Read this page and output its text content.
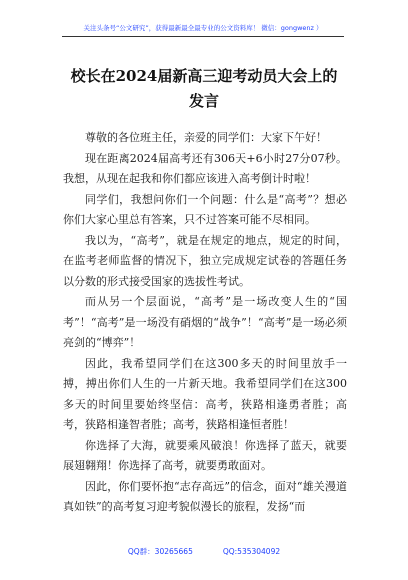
关注头条号“公文研究”，获得最新最全最专业的公文资料库！ 微信：gongwenz ）
校长在2024届新高三迎考动员大会上的
发言

尊敬的各位班主任，亲爱的同学们：大家下午好！

现在距离2024届高考还有306天+6小时27分07秒。我想，从现在起我和你们都应该进入高考倒计时啦！

同学们，我想问你们一个问题：什么是“高考”？想必你们大家心里总有答案，只不过答案可能不尽相同。

我以为，“高考”，就是在规定的地点，规定的时间，在监考老师监督的情况下，独立完成规定试卷的答题任务以分数的形式接受国家的选拔性考试。

而从另一个层面说，“高考”是一场改变人生的“国考”！“高考”是一场没有硝烟的“战争”！“高考”是一场必须亮剑的“博弈”！

因此，我希望同学们在这300多天的时间里放手一搏，搏出你们人生的一片新天地。我希望同学们在这300多天的时间里要始终坚信：高考，狭路相逢勇者胜；高考，狭路相逢智者胜；高考，狭路相逢恒者胜！

你选择了大海，就要乘风破浪！你选择了蓝天，就要展翅翱翔！你选择了高考，就要勇敢面对。

因此，你们要怀抱“志存高远”的信念，面对“雄关漫道真如铁”的高考复习迎考貌似漫长的旅程，发扬“而

QQ群：30265665	QQ:535304092
